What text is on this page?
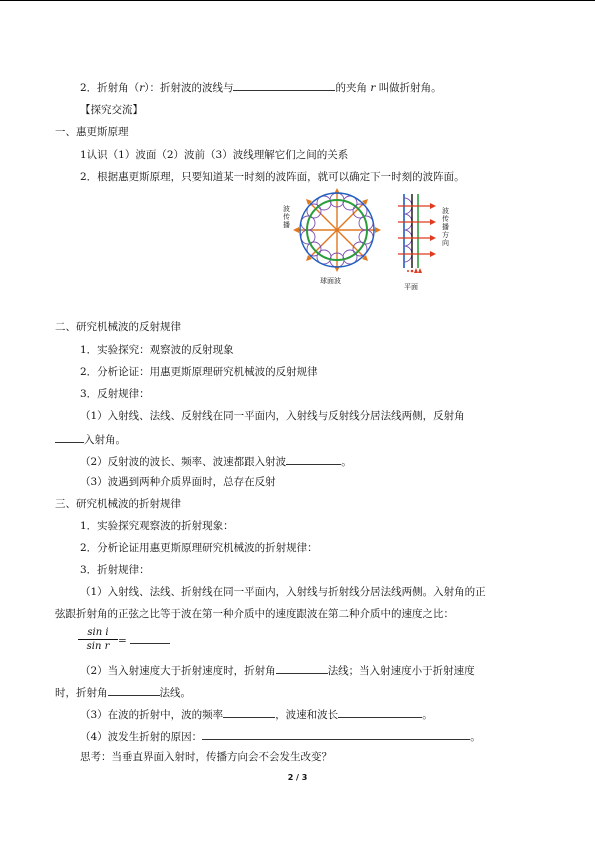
2．折射角（r）：折射波的波线与	的夹角 r 叫做折射角。
【探究交流】
一、惠更斯原理
1认识（1）波面（2）波前（3）波线理解它们之间的关系
2．根据惠更斯原理，只要知道某一时刻的波阵面，就可以确定下一时刻的波阵面。
波传播
球面波
波传播方向
平面
二、研究机械波的反射规律
1．实验探究：观察波的反射现象
2．分析论证：用惠更斯原理研究机械波的反射规律
3．反射规律：
（1）入射线、法线、反射线在同一平面内，入射线与反射线分居法线两侧，反射角
入射角。
（2）反射波的波长、频率、波速都跟入射波	。
（3）波遇到两种介质界面时，总存在反射
三、研究机械波的折射规律
1．实验探究观察波的折射现象：
2．分析论证用惠更斯原理研究机械波的折射规律：
3．折射规律：
（1）入射线、法线、折射线在同一平面内，入射线与折射线分居法线两侧。入射角的正
弦跟折射角的正弦之比等于波在第一种介质中的速度跟波在第二种介质中的速度之比：
$\frac{\text{sin i}}{\text{sin r}}$ =
（2）当入射速度大于折射速度时，折射角	法线；当入射速度小于折射速度
时，折射角	法线。
（3）在波的折射中，波的频率	，波速和波长	。
（4）波发生折射的原因：	。
思考：当垂直界面入射时，传播方向会不会发生改变？
2 / 3
